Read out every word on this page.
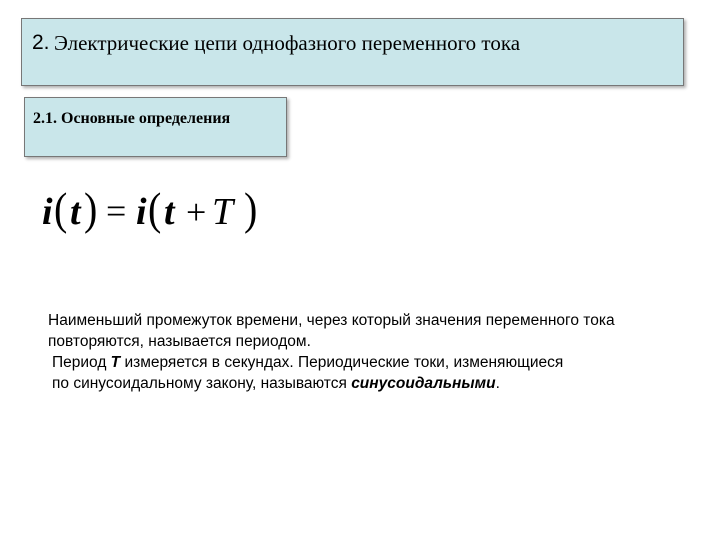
2. Электрические цепи однофазного переменного тока
2.1. Основные определения
i ( t ) = i ( t + T )
Наименьший промежуток времени, через который значения переменного тока
повторяются, называется периодом.
Период T измеряется в секундах. Периодические токи, изменяющиеся
по синусоидальному закону, называются синусоидальными.
